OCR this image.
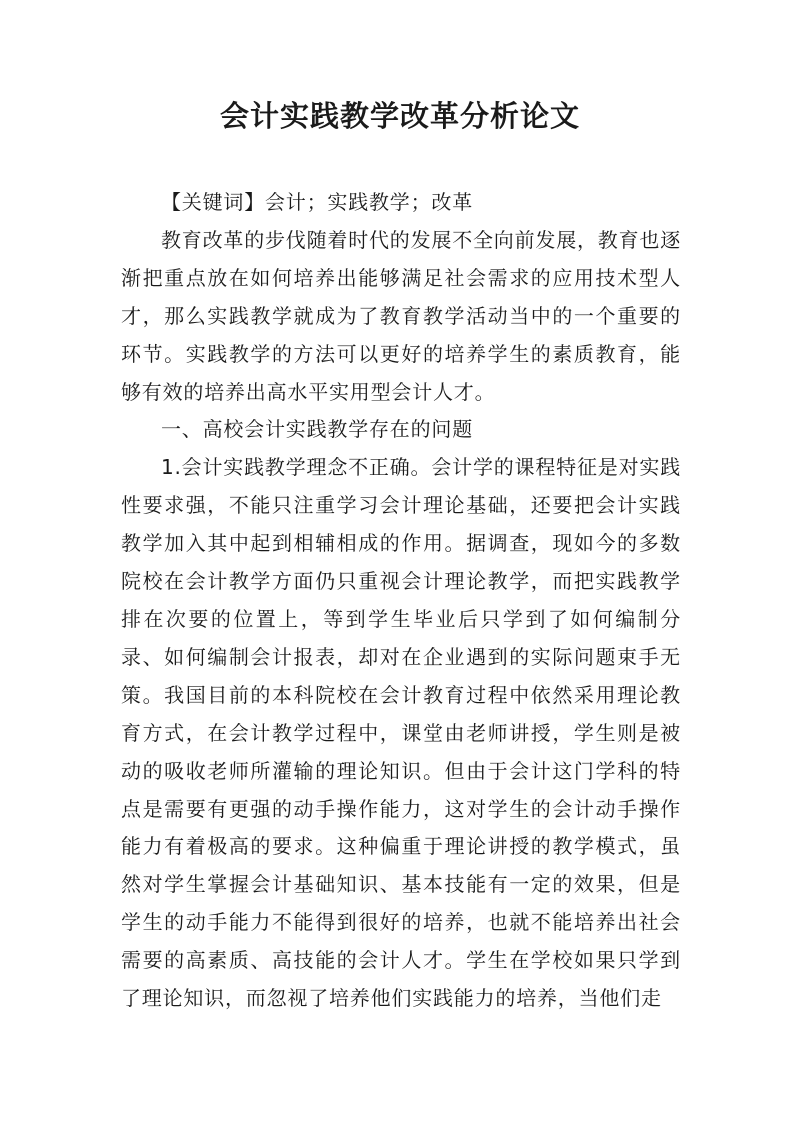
会计实践教学改革分析论文

【关键词】会计；实践教学；改革

教育改革的步伐随着时代的发展不全向前发展，教育也逐渐把重点放在如何培养出能够满足社会需求的应用技术型人才，那么实践教学就成为了教育教学活动当中的一个重要的环节。实践教学的方法可以更好的培养学生的素质教育，能够有效的培养出高水平实用型会计人才。

一、高校会计实践教学存在的问题

1.会计实践教学理念不正确。会计学的课程特征是对实践性要求强，不能只注重学习会计理论基础，还要把会计实践教学加入其中起到相辅相成的作用。据调查，现如今的多数院校在会计教学方面仍只重视会计理论教学，而把实践教学排在次要的位置上，等到学生毕业后只学到了如何编制分录、如何编制会计报表，却对在企业遇到的实际问题束手无策。我国目前的本科院校在会计教育过程中依然采用理论教育方式，在会计教学过程中，课堂由老师讲授，学生则是被动的吸收老师所灌输的理论知识。但由于会计这门学科的特点是需要有更强的动手操作能力，这对学生的会计动手操作能力有着极高的要求。这种偏重于理论讲授的教学模式，虽然对学生掌握会计基础知识、基本技能有一定的效果，但是学生的动手能力不能得到很好的培养，也就不能培养出社会需要的高素质、高技能的会计人才。学生在学校如果只学到了理论知识，而忽视了培养他们实践能力的培养，当他们走
